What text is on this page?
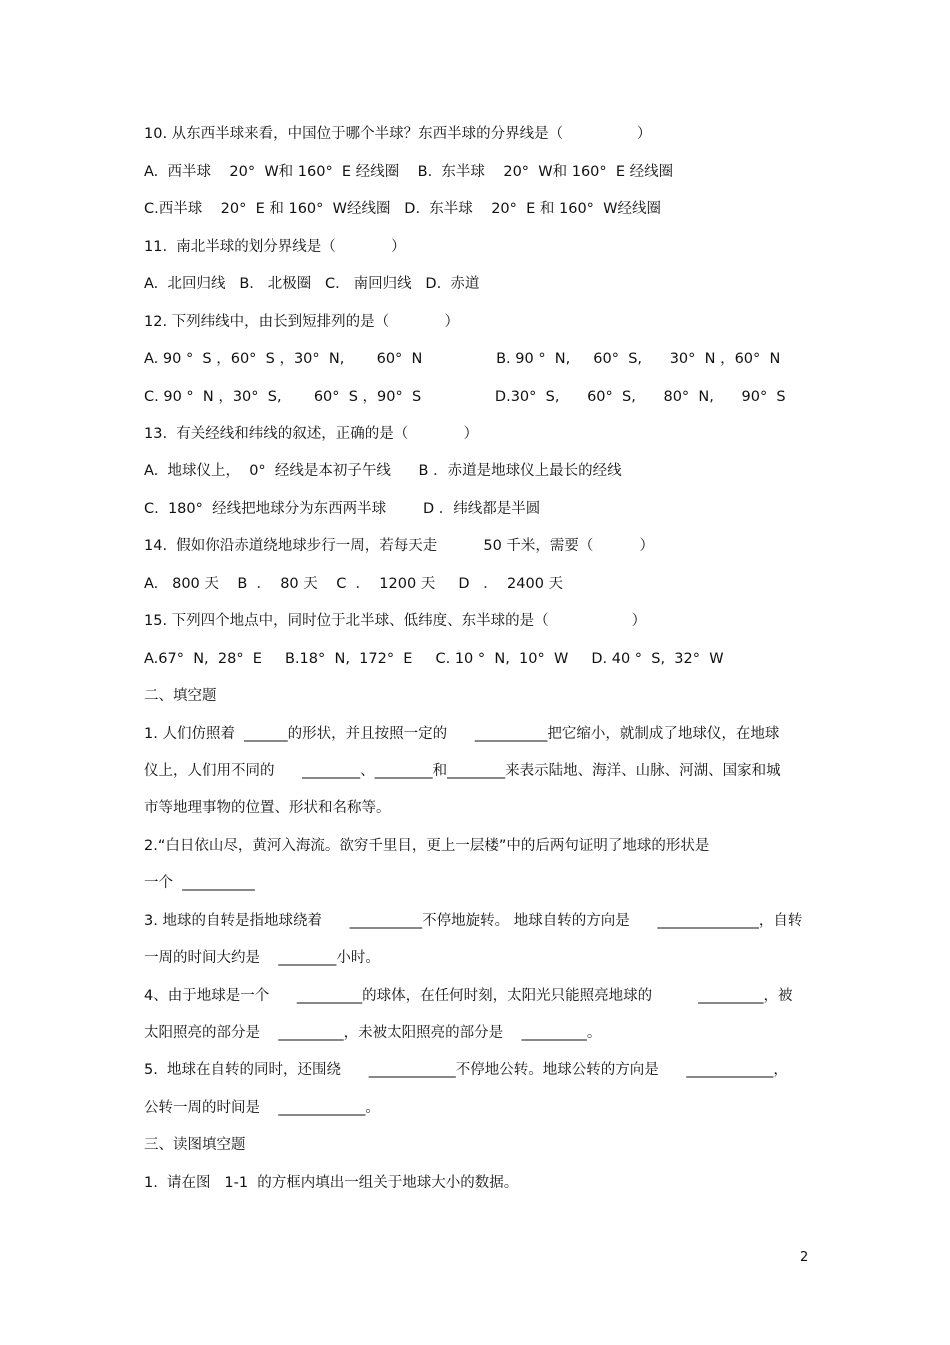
10. 从东西半球来看，中国位于哪个半球？东西半球的分界线是（                ）
A.  西半球    20°  W和 160°  E 经线圈    B.  东半球    20°  W和 160°  E 经线圈
C.西半球    20°  E 和 160°  W经线圈   D.  东半球    20°  E 和 160°  W经线圈
11.  南北半球的划分界线是（            ）
A.  北回归线   B.   北极圈   C.   南回归线   D.  赤道
12. 下列纬线中，由长到短排列的是（            ）
A. 90 °  S ，60°  S ，30°  N,       60°  N                B. 90 °  N,     60°  S,      30°  N ，60°  N
C. 90 °  N ，30°  S,       60°  S ，90°  S                D.30°  S,      60°  S,      80°  N,      90°  S
13.  有关经线和纬线的叙述，正确的是（            ）
A.  地球仪上，  0°  经线是本初子午线      B ．赤道是地球仪上最长的经线
C.  180°  经线把地球分为东西两半球        D ．纬线都是半圆
14.  假如你沿赤道绕地球步行一周，若每天走          50 千米，需要（          ）
A.   800 天    B  ．  80 天    C  ．  1200 天     D   ．  2400 天
15. 下列四个地点中，同时位于北半球、低纬度、东半球的是（                  ）
A.67°  N,  28°  E     B.18°  N,  172°  E     C. 10 °  N,  10°  W     D. 40 °  S,  32°  W
二、填空题
1. 人们仿照着  ______的形状，并且按照一定的      __________把它缩小，就制成了地球仪，在地球
仪上，人们用不同的      ________、________和________来表示陆地、海洋、山脉、河湖、国家和城
市等地理事物的位置、形状和名称等。
2.“白日依山尽，黄河入海流。欲穷千里目，更上一层楼”中的后两句证明了地球的形状是
一个  __________
3. 地球的自转是指地球绕着      __________不停地旋转。 地球自转的方向是      ______________，自转
一周的时间大约是    ________小时。
4、由于地球是一个      _________的球体，在任何时刻，太阳光只能照亮地球的          _________，被
太阳照亮的部分是    _________，未被太阳照亮的部分是    _________。
5.  地球在自转的同时，还围绕      ____________不停地公转。地球公转的方向是      ____________，
公转一周的时间是    ____________。
三、读图填空题
1.  请在图   1-1  的方框内填出一组关于地球大小的数据。
2
